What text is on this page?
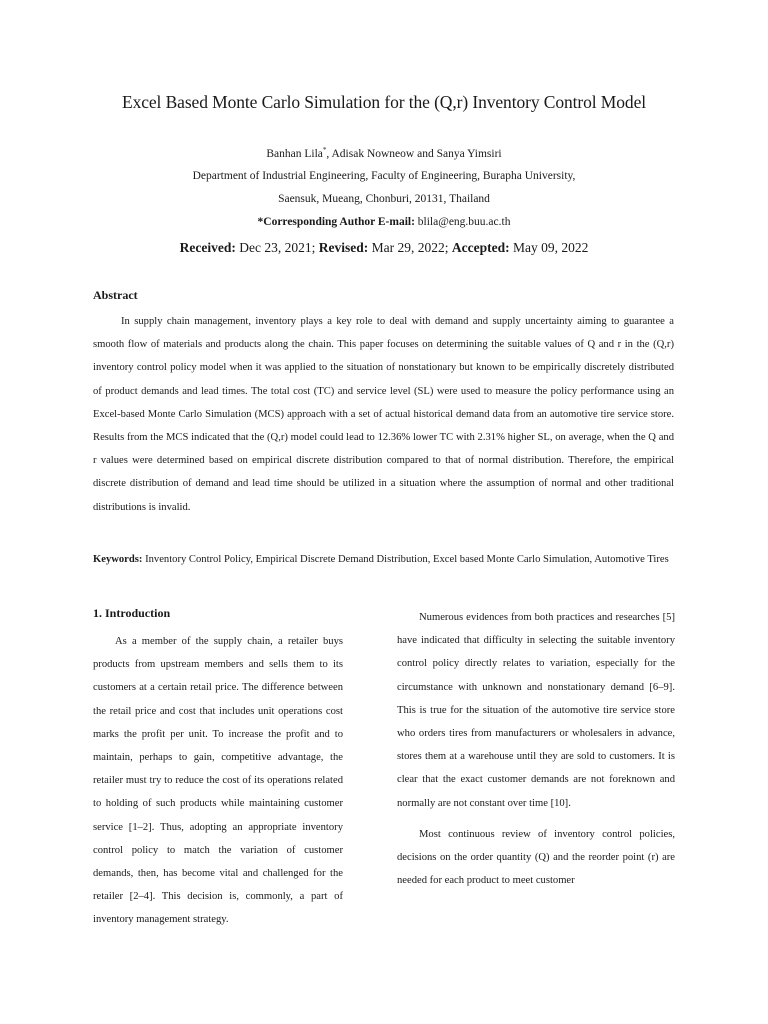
Excel Based Monte Carlo Simulation for the (Q,r) Inventory Control Model
Banhan Lila*, Adisak Nowneow and Sanya Yimsiri
Department of Industrial Engineering, Faculty of Engineering, Burapha University,
Saensuk, Mueang, Chonburi, 20131, Thailand
*Corresponding Author E-mail: blila@eng.buu.ac.th
Received: Dec 23, 2021; Revised: Mar 29, 2022; Accepted: May 09, 2022
Abstract

In supply chain management, inventory plays a key role to deal with demand and supply uncertainty aiming to guarantee a smooth flow of materials and products along the chain. This paper focuses on determining the suitable values of Q and r in the (Q,r) inventory control policy model when it was applied to the situation of nonstationary but known to be empirically discretely distributed of product demands and lead times. The total cost (TC) and service level (SL) were used to measure the policy performance using an Excel-based Monte Carlo Simulation (MCS) approach with a set of actual historical demand data from an automotive tire service store. Results from the MCS indicated that the (Q,r) model could lead to 12.36% lower TC with 2.31% higher SL, on average, when the Q and r values were determined based on empirical discrete distribution compared to that of normal distribution. Therefore, the empirical discrete distribution of demand and lead time should be utilized in a situation where the assumption of normal and other traditional distributions is invalid.

Keywords: Inventory Control Policy, Empirical Discrete Demand Distribution, Excel based Monte Carlo Simulation, Automotive Tires

1. Introduction

As a member of the supply chain, a retailer buys products from upstream members and sells them to its customers at a certain retail price. The difference between the retail price and cost that includes unit operations cost marks the profit per unit. To increase the profit and to maintain, perhaps to gain, competitive advantage, the retailer must try to reduce the cost of its operations related to holding of such products while maintaining customer service [1–2]. Thus, adopting an appropriate inventory control policy to match the variation of customer demands, then, has become vital and challenged for the retailer [2–4]. This decision is, commonly, a part of inventory management strategy.

Numerous evidences from both practices and researches [5] have indicated that difficulty in selecting the suitable inventory control policy directly relates to variation, especially for the circumstance with unknown and nonstationary demand [6–9]. This is true for the situation of the automotive tire service store who orders tires from manufacturers or wholesalers in advance, stores them at a warehouse until they are sold to customers. It is clear that the exact customer demands are not foreknown and normally are not constant over time [10].

Most continuous review of inventory control policies, decisions on the order quantity (Q) and the reorder point (r) are needed for each product to meet customer
